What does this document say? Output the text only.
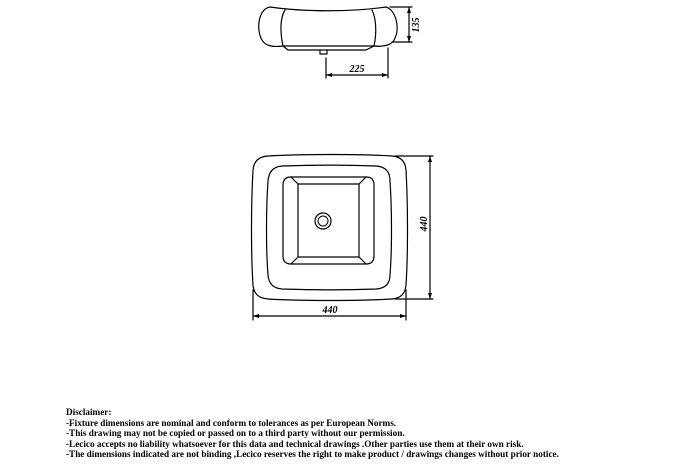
225
135
440
440
Disclaimer:
-Fixture dimensions are nominal and conform to tolerances as per European Norms.
-This drawing may not be copied or passed on to a third party without our permission.
-Lecico accepts no liability whatsoever for this data and technical drawings .Other parties use them at their own risk.
-The dimensions indicated are not binding ,Lecico reserves the right to make product / drawings changes without prior notice.
